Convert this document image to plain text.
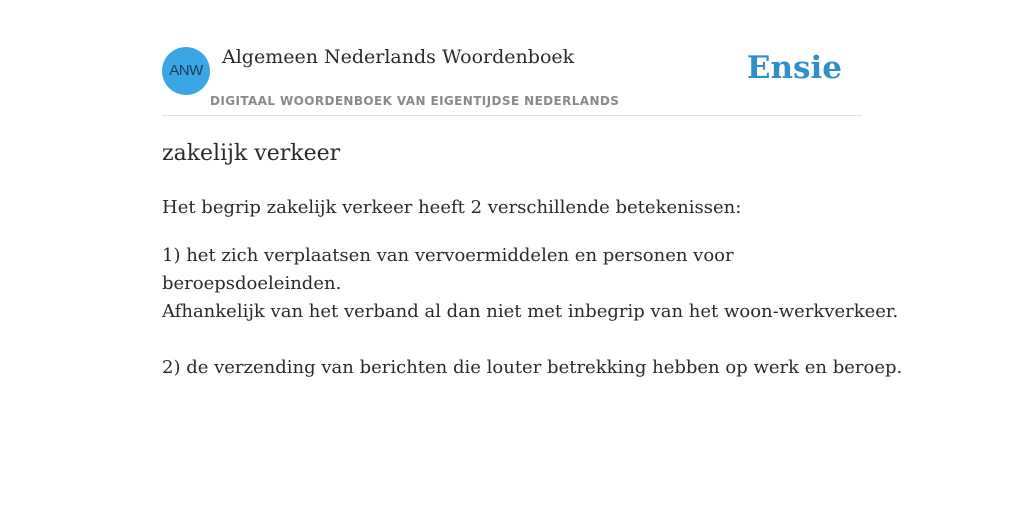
ANW
Algemeen Nederlands Woordenboek
DIGITAAL WOORDENBOEK VAN EIGENTIJDSE NEDERLANDS
Ensie
zakelijk verkeer

Het begrip zakelijk verkeer heeft 2 verschillende betekenissen:

1) het zich verplaatsen van vervoermiddelen en personen voor
beroepsdoeleinden.
Afhankelijk van het verband al dan niet met inbegrip van het woon-werkverkeer.
2) de verzending van berichten die louter betrekking hebben op werk en beroep.
